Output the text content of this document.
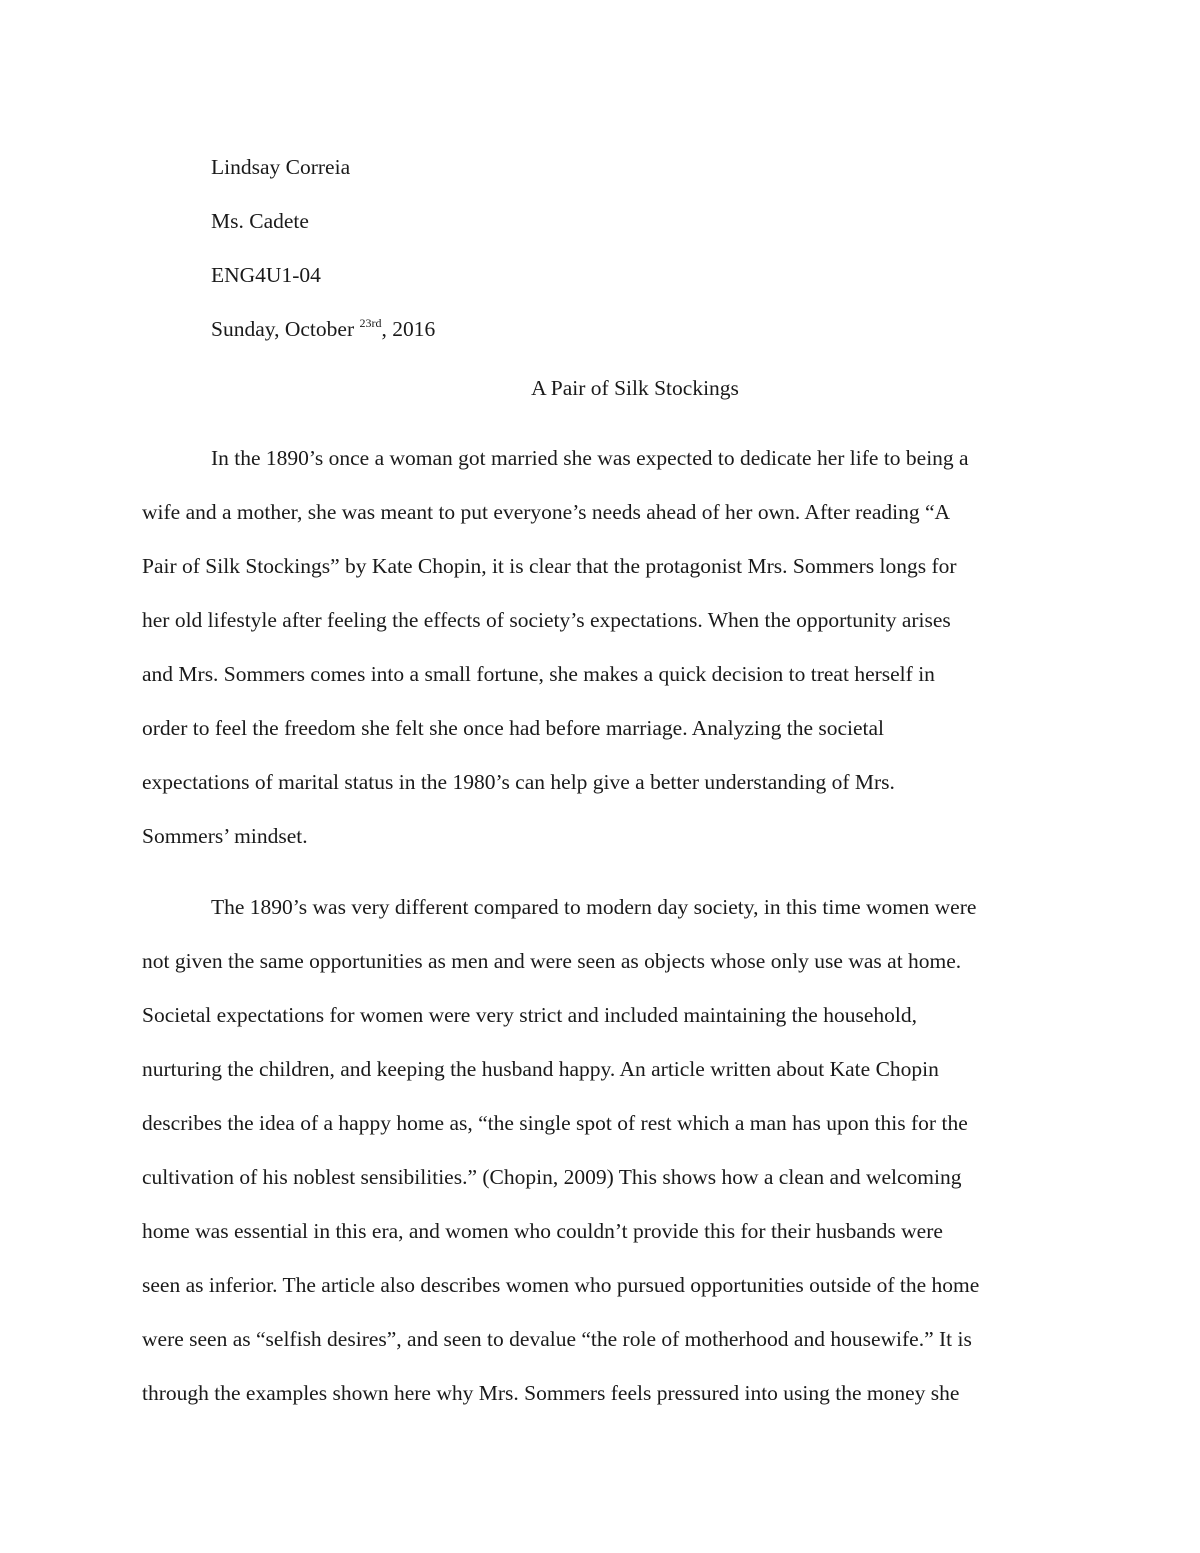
Lindsay Correia
Ms. Cadete
ENG4U1-04
Sunday, October $^{23rd}$, 2016
A Pair of Silk Stockings
In the 1890’s once a woman got married she was expected to dedicate her life to being a
wife and a mother, she was meant to put everyone’s needs ahead of her own. After reading “A
Pair of Silk Stockings” by Kate Chopin, it is clear that the protagonist Mrs. Sommers longs for
her old lifestyle after feeling the effects of society’s expectations. When the opportunity arises
and Mrs. Sommers comes into a small fortune, she makes a quick decision to treat herself in
order to feel the freedom she felt she once had before marriage. Analyzing the societal
expectations of marital status in the 1980’s can help give a better understanding of Mrs.
Sommers’ mindset.
The 1890’s was very different compared to modern day society, in this time women were
not given the same opportunities as men and were seen as objects whose only use was at home.
Societal expectations for women were very strict and included maintaining the household,
nurturing the children, and keeping the husband happy. An article written about Kate Chopin
describes the idea of a happy home as, “the single spot of rest which a man has upon this for the
cultivation of his noblest sensibilities.” (Chopin, 2009) This shows how a clean and welcoming
home was essential in this era, and women who couldn’t provide this for their husbands were
seen as inferior. The article also describes women who pursued opportunities outside of the home
were seen as “selfish desires”, and seen to devalue “the role of motherhood and housewife.” It is
through the examples shown here why Mrs. Sommers feels pressured into using the money she
